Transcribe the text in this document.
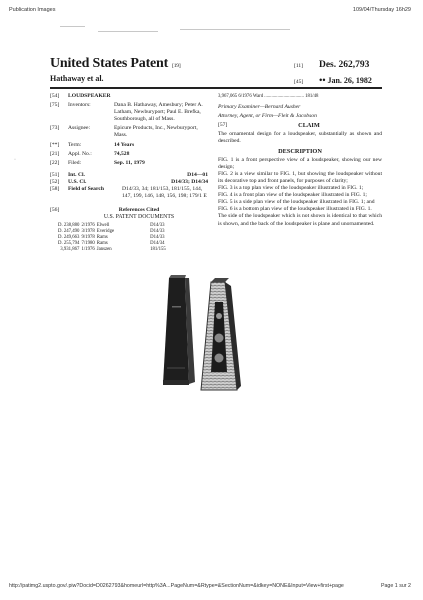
Publication Images	109/04/Thursday 16h29
·
United States Patent [19]
Hathaway et al.
[11] Des. 262,793
[45] •• Jan. 26, 1982
[54] LOUDSPEAKER
[75] Inventors:	Dana B. Hathaway, Amesbury; Peter A. Latham, Newburyport; Paul E. Brefka, Southborough, all of Mass.
[73] Assignee:	Epicure Products, Inc., Newburyport, Mass.
[**] Term:	14 Years
[21] Appl. No.:	74,528
[22] Filed:	Sep. 11, 1979
[51] Int. Cl.	D14—01
[52] U.S. Cl.	D14/33; D14/34
[58] Field of Search	D14/33, 34; 181/153, 181/155, 144, 147, 199, 146, 148, 156, 198; 179/1 E
[56]	References Cited
U.S. PATENT DOCUMENTS
D. 238,880	2/1976	Elwell	D14/33
D. 247,490	3/1978	Everidge	D14/33
D. 249,663	9/1978	Rams	D14/33
D. 255,794	7/1980	Rams	D14/34
3,931,867	1/1976	Janszen	181/155
3,967,065 6/1976 Ward ................................. 181/48
Primary Examiner—Bernard Ausher
Attorney, Agent, or Firm—Fleit & Jacobson
[57]	CLAIM

The ornamental design for a loudspeaker, substantially as shown and described.

DESCRIPTION

FIG. 1 is a front perspective view of a loudspeaker, showing our new design;

FIG. 2 is a view similar to FIG. 1, but showing the loudspeaker without its decorative top and front panels, for purposes of clarity;

FIG. 3 is a top plan view of the loudspeaker illustrated in FIG. 1;

FIG. 4 is a front plan view of the loudspeaker illustrated in FIG. 1;

FIG. 5 is a side plan view of the loudspeaker illustrated in FIG. 1; and

FIG. 6 is a bottom plan view of the loudspeaker illustrated in FIG. 1.

The side of the loudspeaker which is not shown is identical to that which is shown, and the back of the loudspeaker is plane and unornamented.

http://patimg2.uspto.gov/.piw?Docid=D0262793&homeurl=http%3A...PageNum=&Rtype=&SectionNum=&idkey=NONE&Input=View+first+page	Page 1 sur 2
